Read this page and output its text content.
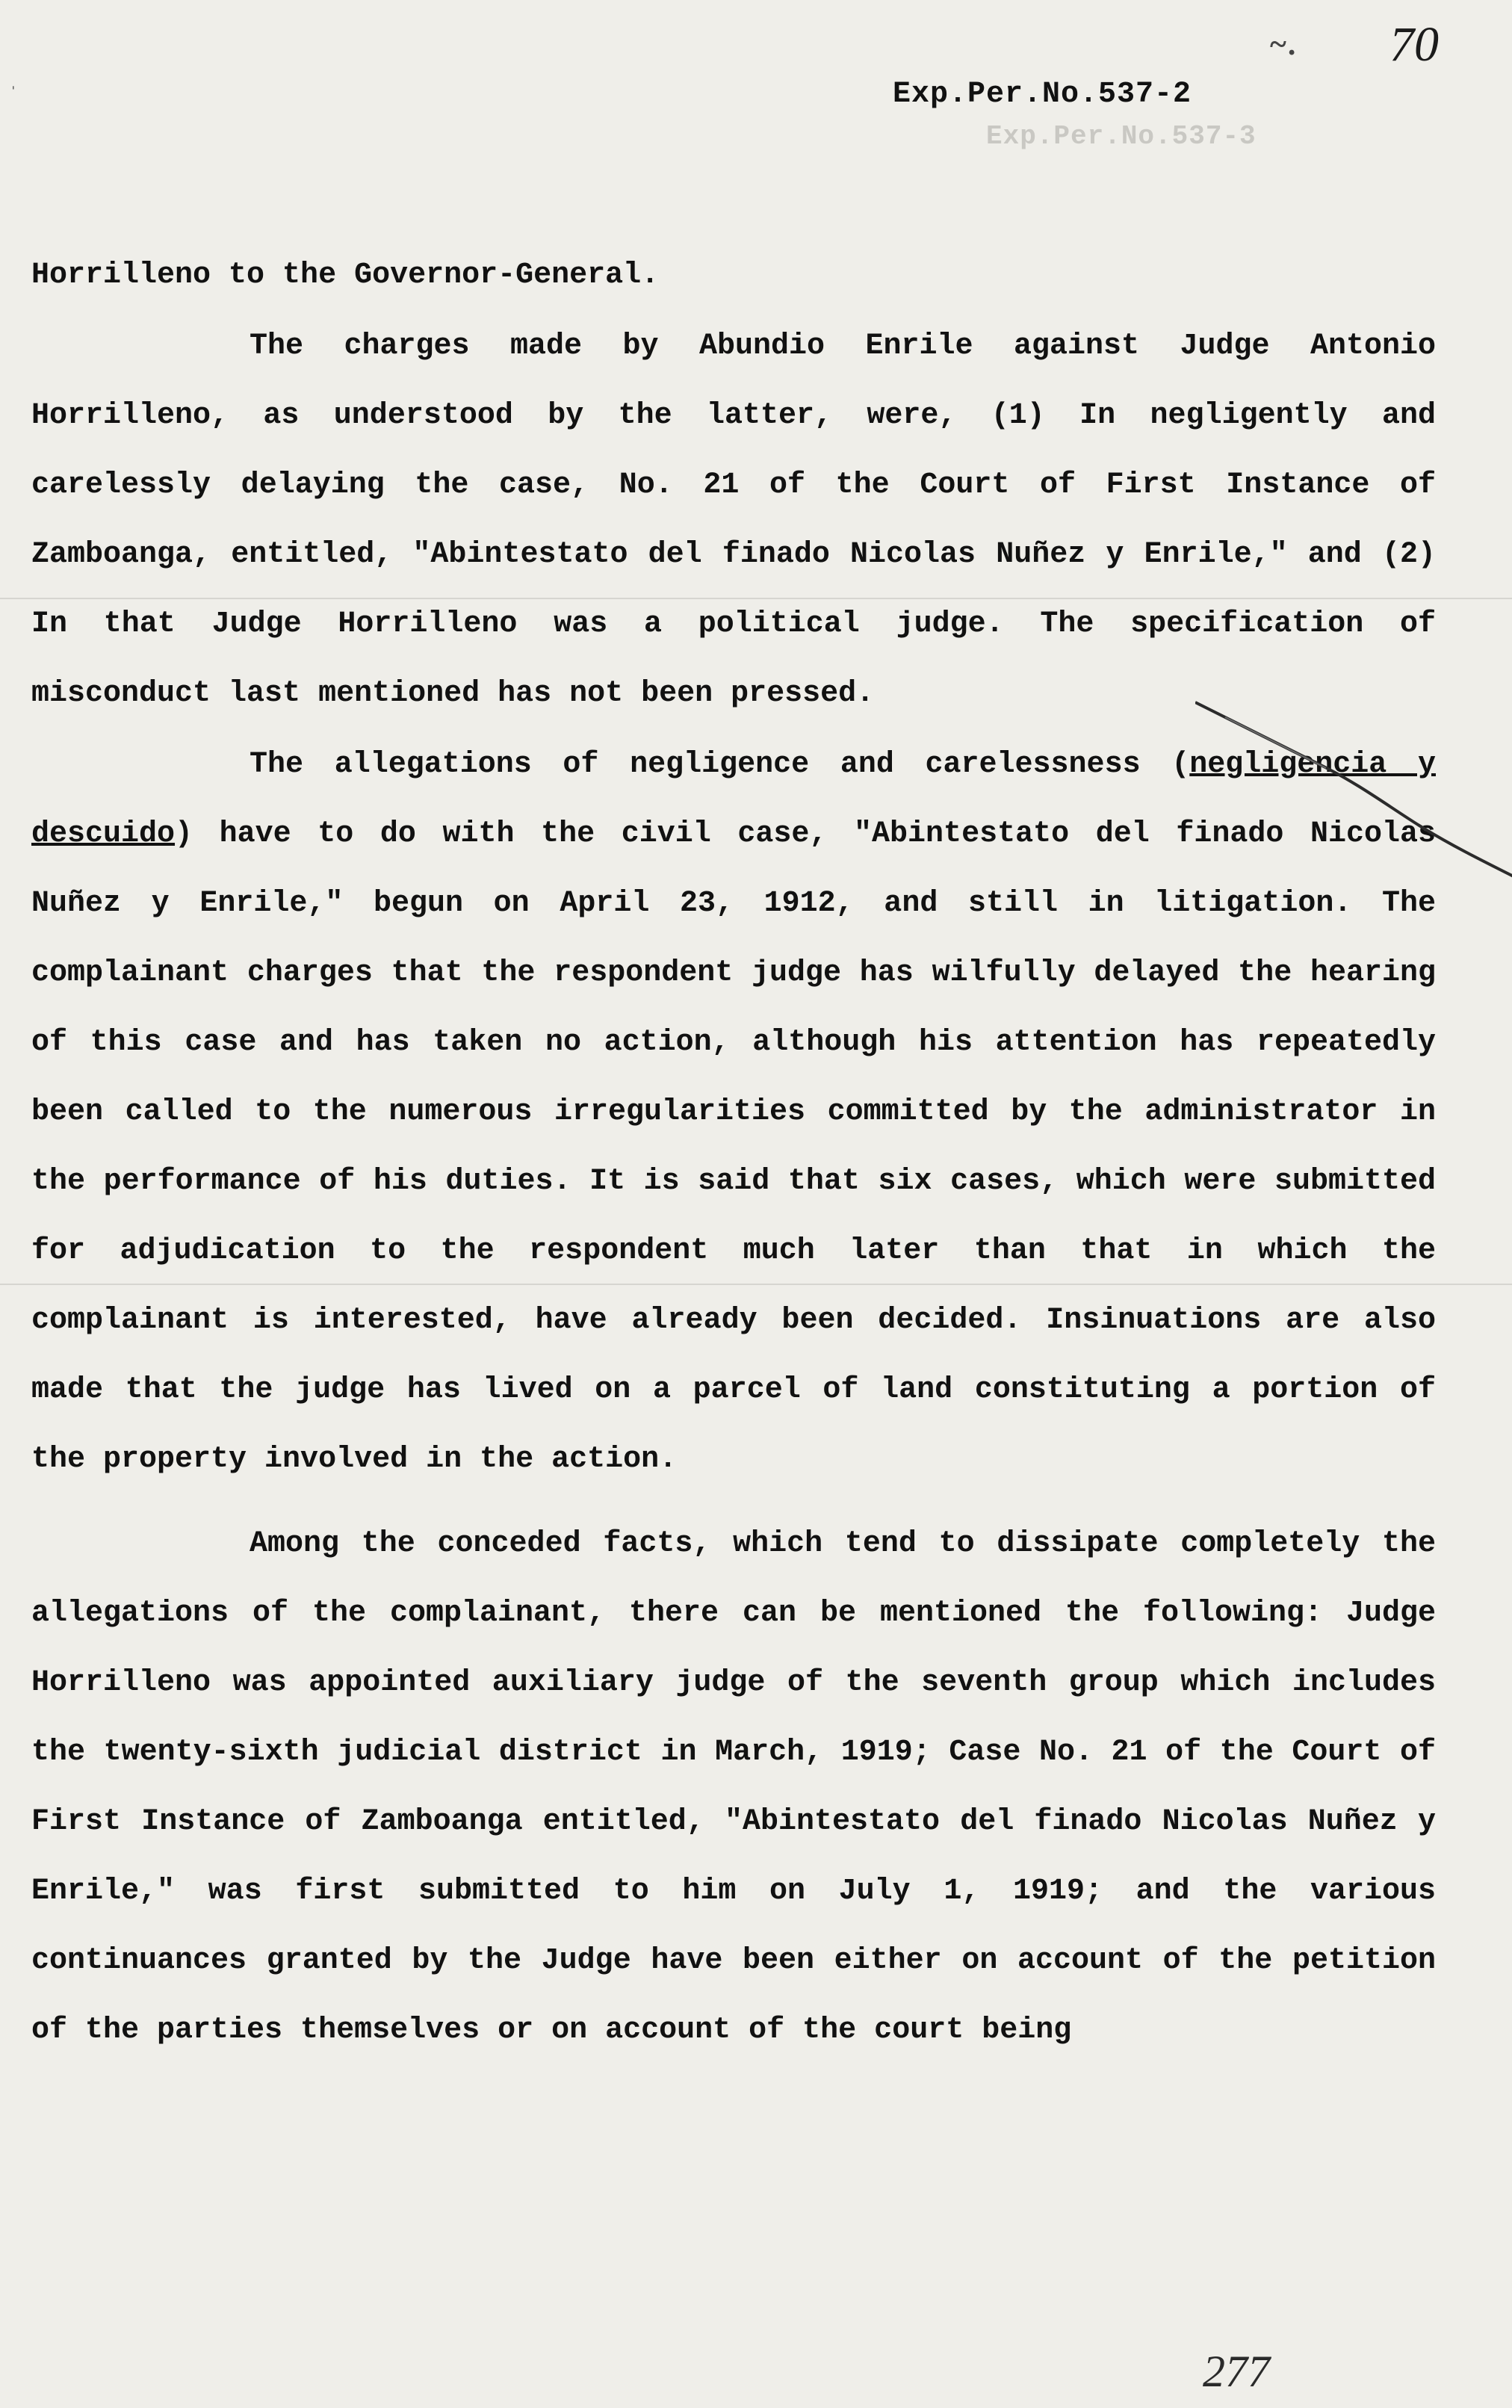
ˈ
~. 70
Exp.Per.No.537-2
Exp.Per.No.537-3

Horrilleno to the Governor-General.

The charges made by Abundio Enrile against Judge Antonio Horrilleno, as understood by the latter, were, (1) In negligently and carelessly delaying the case, No. 21 of the Court of First Instance of Zamboanga, entitled, "Abintestato del finado Nicolas Nuñez y Enrile," and (2) In that Judge Horrilleno was a political judge. The specification of misconduct last mentioned has not been pressed.

The allegations of negligence and carelessness (negligencia y descuido) have to do with the civil case, "Abintestato del finado Nicolas Nuñez y Enrile," begun on April 23, 1912, and still in litigation. The complainant charges that the respondent judge has wilfully delayed the hearing of this case and has taken no action, although his attention has repeatedly been called to the numerous irregularities committed by the administrator in the performance of his duties. It is said that six cases, which were submitted for adjudication to the respondent much later than that in which the complainant is interested, have already been decided. Insinuations are also made that the judge has lived on a parcel of land constituting a portion of the property involved in the action.

Among the conceded facts, which tend to dissipate completely the allegations of the complainant, there can be mentioned the following: Judge Horrilleno was appointed auxiliary judge of the seventh group which includes the twenty-sixth judicial district in March, 1919; Case No. 21 of the Court of First Instance of Zamboanga entitled, "Abintestato del finado Nicolas Nuñez y Enrile," was first submitted to him on July 1, 1919; and the various continuances granted by the Judge have been either on account of the petition of the parties themselves or on account of the court being

277
